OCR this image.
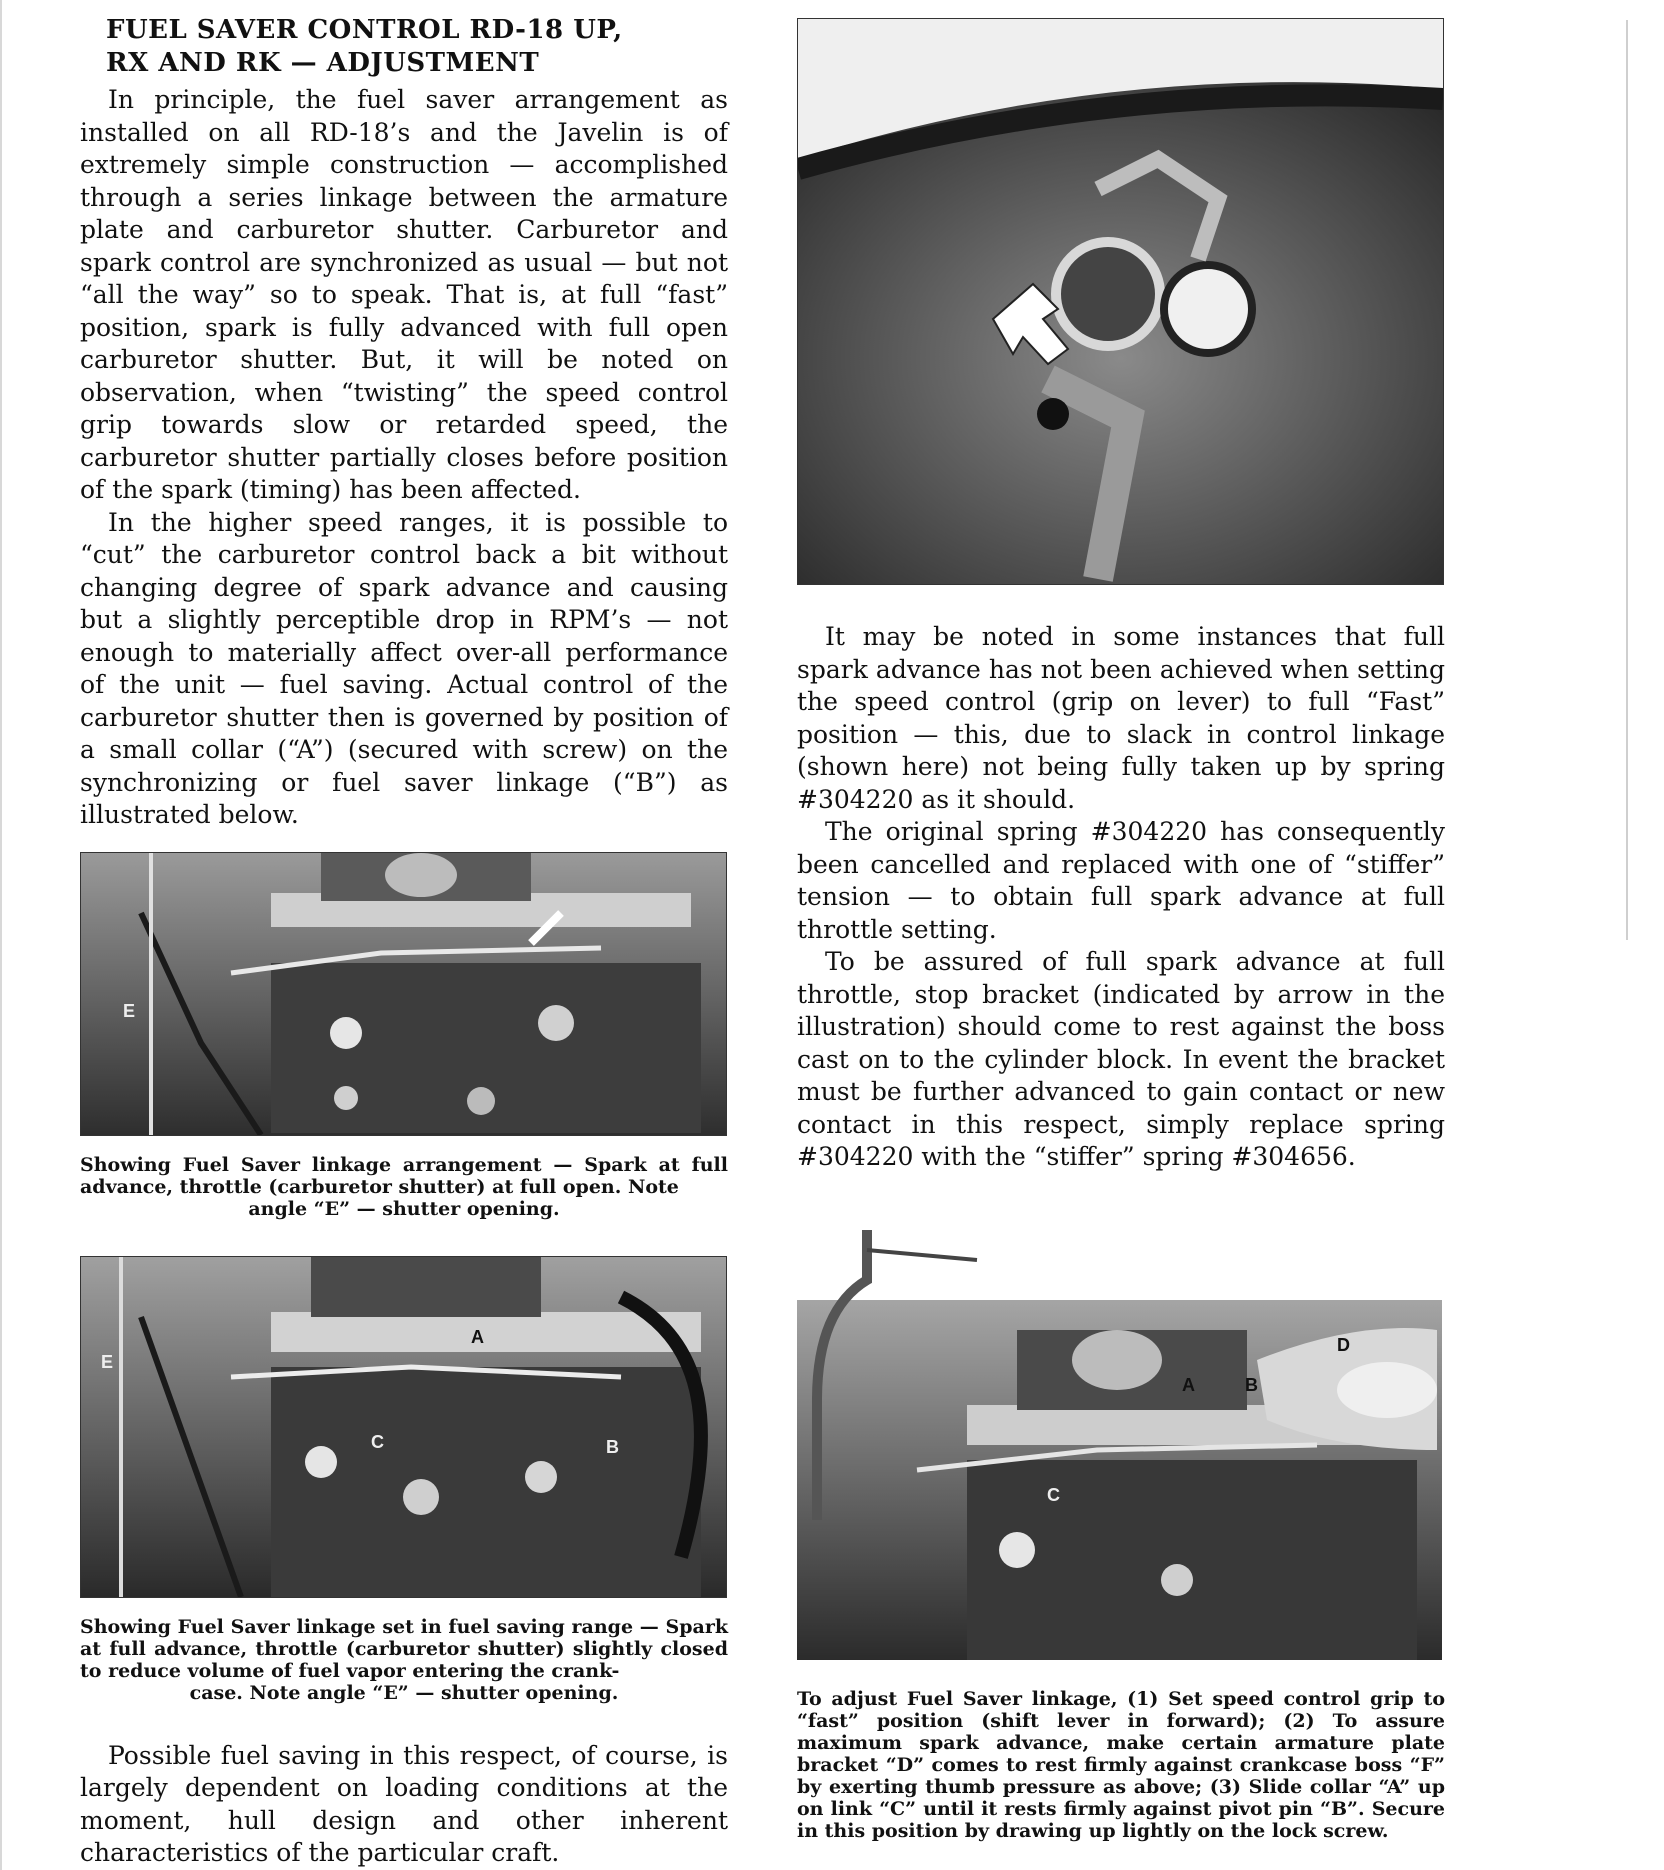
FUEL SAVER CONTROL RD-18 UP,
RX AND RK — ADJUSTMENT

In principle, the fuel saver arrangement as installed on all RD-18’s and the Javelin is of extremely simple construction — accomplished through a series linkage between the armature plate and carburetor shutter. Carburetor and spark control are synchronized as usual — but not “all the way” so to speak. That is, at full “fast” position, spark is fully advanced with full open carburetor shutter. But, it will be noted on observation, when “twisting” the speed control grip towards slow or retarded speed, the carburetor shutter partially closes before position of the spark (timing) has been affected.

In the higher speed ranges, it is possible to “cut” the carburetor control back a bit without changing degree of spark advance and causing but a slightly perceptible drop in RPM’s — not enough to materially affect over-all performance of the unit — fuel saving. Actual control of the carburetor shutter then is governed by position of a small collar (“A”) (secured with screw) on the synchronizing or fuel saver linkage (“B”) as illustrated below.

E

Showing Fuel Saver linkage arrangement — Spark at full advance, throttle (carburetor shutter) at full open. Note
angle “E” — shutter opening.

A
C	B
E

Showing Fuel Saver linkage set in fuel saving range — Spark at full advance, throttle (carburetor shutter) slightly closed to reduce volume of fuel vapor entering the crank-
case. Note angle “E” — shutter opening.

Possible fuel saving in this respect, of course, is largely dependent on loading conditions at the moment, hull design and other inherent characteristics of the particular craft.

It may be noted in some instances that full spark advance has not been achieved when setting the speed control (grip on lever) to full “Fast” position — this, due to slack in control linkage (shown here) not being fully taken up by spring #304220 as it should.

The original spring #304220 has consequently been cancelled and replaced with one of “stiffer” tension — to obtain full spark advance at full throttle setting.

To be assured of full spark advance at full throttle, stop bracket (indicated by arrow in the illustration) should come to rest against the boss cast on to the cylinder block. In event the bracket must be further advanced to gain contact or new contact in this respect, simply replace spring #304220 with the “stiffer” spring #304656.

D
A	B
C

To adjust Fuel Saver linkage, (1) Set speed control grip to “fast” position (shift lever in forward); (2) To assure maximum spark advance, make certain armature plate bracket “D” comes to rest firmly against crankcase boss “F” by exerting thumb pressure as above; (3) Slide collar “A” up on link “C” until it rests firmly against pivot pin “B”. Secure in this position by drawing up lightly on the lock screw.
